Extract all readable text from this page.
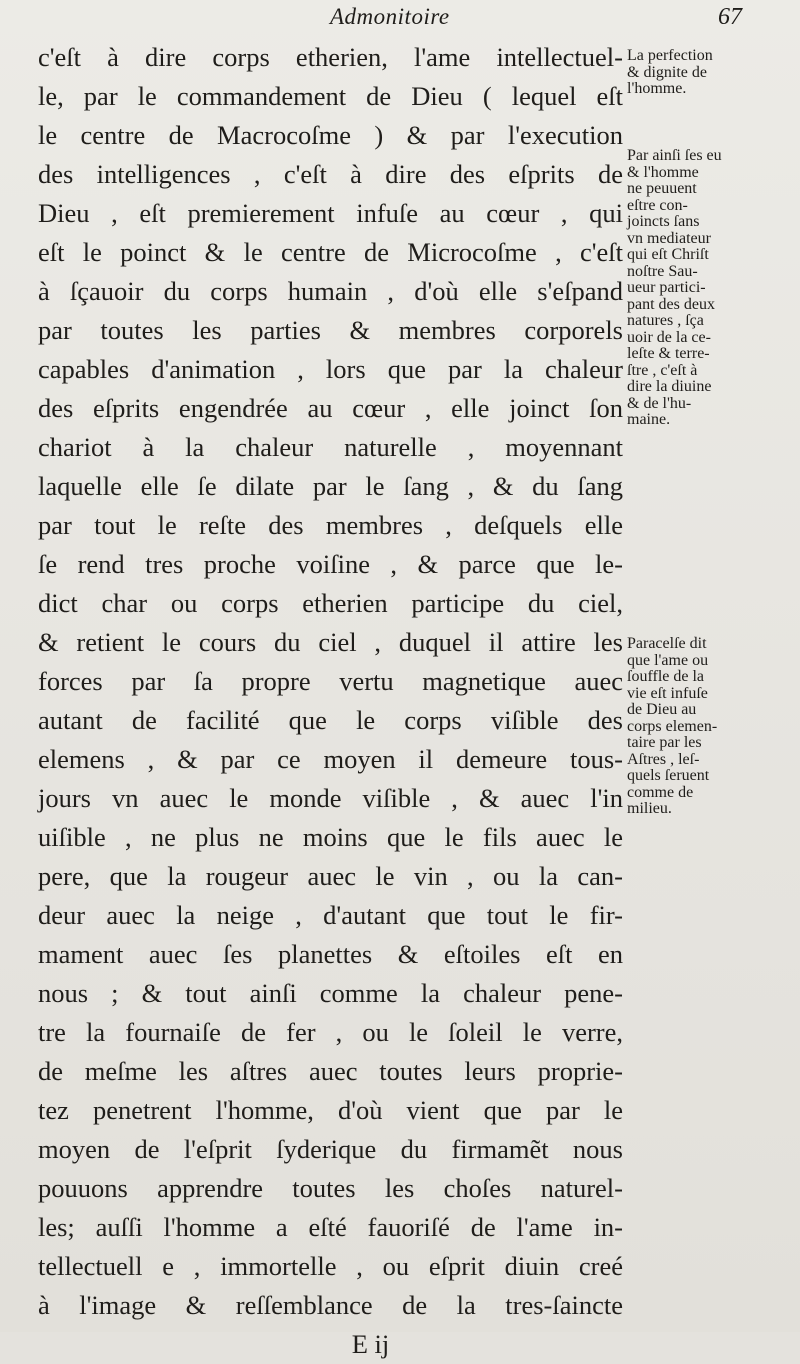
Admonitoire	67
c'eſt à dire corps etherien, l'ame intellectuel-
le, par le commandement de Dieu ( lequel eſt
le centre de Macrocoſme ) & par l'execution
des intelligences , c'eſt à dire des eſprits de
Dieu , eſt premierement infuſe au cœur , qui
eſt le poinct & le centre de Microcoſme , c'eſt
à ſçauoir du corps humain , d'où elle s'eſpand
par toutes les parties & membres corporels
capables d'animation , lors que par la chaleur
des eſprits engendrée au cœur , elle joinct ſon
chariot à la chaleur naturelle , moyennant
laquelle elle ſe dilate par le ſang , & du ſang
par tout le reſte des membres , deſquels elle
ſe rend tres proche voiſine , & parce que le-
dict char ou corps etherien participe du ciel,
& retient le cours du ciel , duquel il attire les
forces par ſa propre vertu magnetique auec
autant de facilité que le corps viſible des
elemens , & par ce moyen il demeure tous-
jours vn auec le monde viſible , & auec l'in
uiſible , ne plus ne moins que le fils auec le
pere, que la rougeur auec le vin , ou la can-
deur auec la neige , d'autant que tout le fir-
mament auec ſes planettes & eſtoiles eſt en
nous ; & tout ainſi comme la chaleur pene-
tre la fournaiſe de fer , ou le ſoleil le verre,
de meſme les aſtres auec toutes leurs proprie-
tez penetrent l'homme, d'où vient que par le
moyen de l'eſprit ſyderique du firmamẽt nous
pouuons apprendre toutes les choſes naturel-
les; auſſi l'homme a eſté fauoriſé de l'ame in-
tellectuell e , immortelle , ou eſprit diuin creé
à l'image & reſſemblance de la tres-ſaincte
E ij
La perfection
& dignite de
l'homme.
Par ainſi ſes eu
& l'homme
ne peuuent
eſtre con-
joincts ſans
vn mediateur
qui eſt Chriſt
noſtre Sau-
ueur partici-
pant des deux
natures , ſça
uoir de la ce-
leſte & terre-
ſtre , c'eſt à
dire la diuine
& de l'hu-
maine.
Paracelſe dit
que l'ame ou
ſouffle de la
vie eſt infuſe
de Dieu au
corps elemen-
taire par les
Aſtres , leſ-
quels ſeruent
comme de
milieu.
